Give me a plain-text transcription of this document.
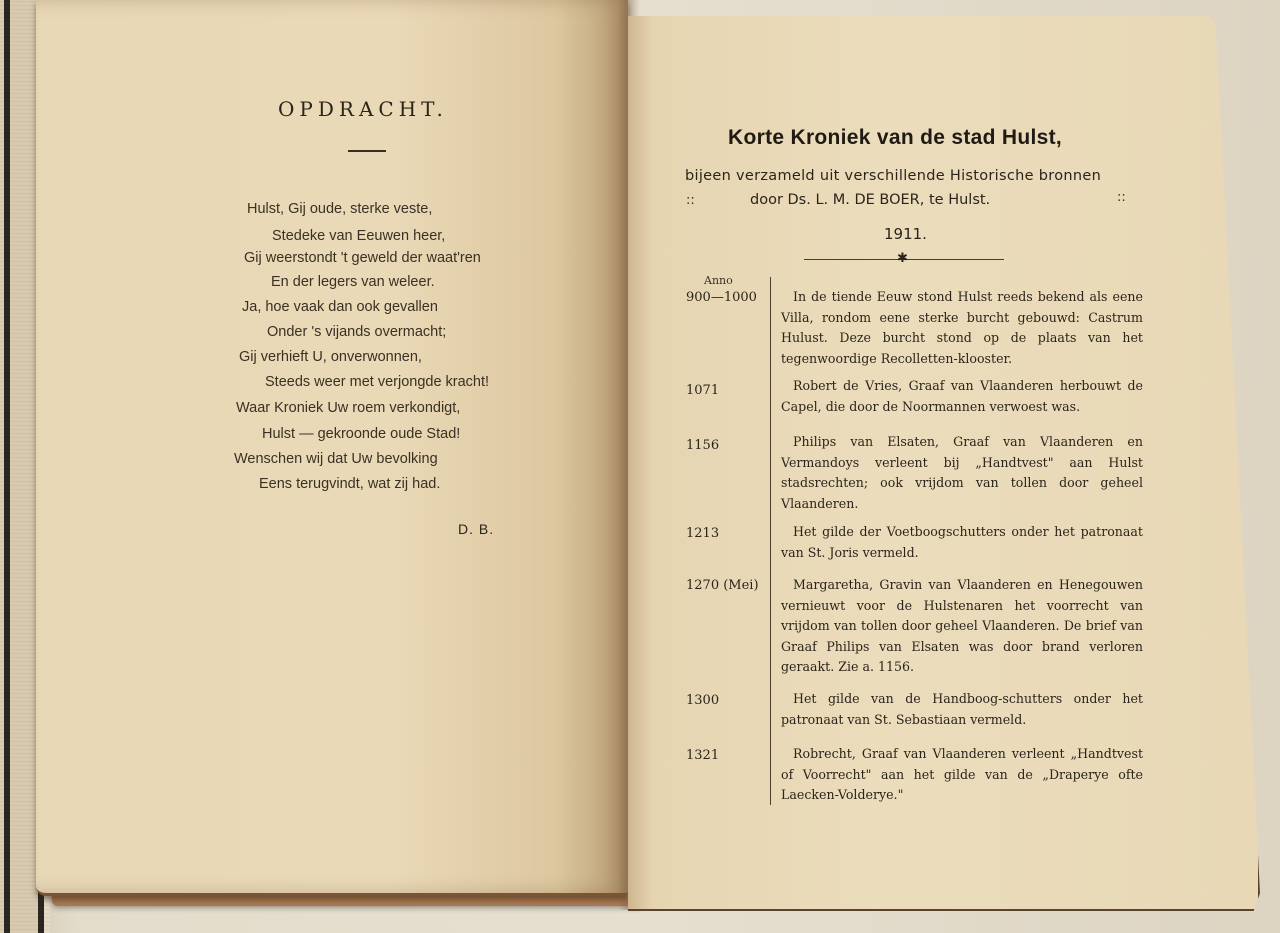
OPDRACHT.
Hulst, Gij oude, sterke veste,
Stedeke van Eeuwen heer,
Gij weerstondt 't geweld der waat'ren
En der legers van weleer.
Ja, hoe vaak dan ook gevallen
Onder 's vijands overmacht;
Gij verhieft U, onverwonnen,
Steeds weer met verjongde kracht!
Waar Kroniek Uw roem verkondigt,
Hulst — gekroonde oude Stad!
Wenschen wij dat Uw bevolking
Eens terugvindt, wat zij had.
D. B.
Korte Kroniek van de stad Hulst,
bijeen verzameld uit verschillende Historische bronnen
::	door Ds. L. M. DE BOER, te Hulst.	::
1911.
✱
Anno
900—1000	In de tiende Eeuw stond Hulst reeds bekend als eene Villa, rondom eene sterke burcht gebouwd: Castrum Hulust. Deze burcht stond op de plaats van het tegenwoordige Recolletten-klooster.
1071	Robert de Vries, Graaf van Vlaanderen herbouwt de Capel, die door de Noormannen verwoest was.
1156	Philips van Elsaten, Graaf van Vlaanderen en Vermandoys verleent bij „Handtvest" aan Hulst stadsrechten; ook vrijdom van tollen door geheel Vlaanderen.
1213	Het gilde der Voetboogschutters onder het patronaat van St. Joris vermeld.
1270 (Mei)	Margaretha, Gravin van Vlaanderen en Henegouwen vernieuwt voor de Hulstenaren het voorrecht van vrijdom van tollen door geheel Vlaanderen. De brief van Graaf Philips van Elsaten was door brand verloren geraakt. Zie a. 1156.
1300	Het gilde van de Handboog-schutters onder het patronaat van St. Sebastiaan vermeld.
1321	Robrecht, Graaf van Vlaanderen verleent „Handtvest of Voorrecht" aan het gilde van de „Draperye ofte Laecken-Volderye."
